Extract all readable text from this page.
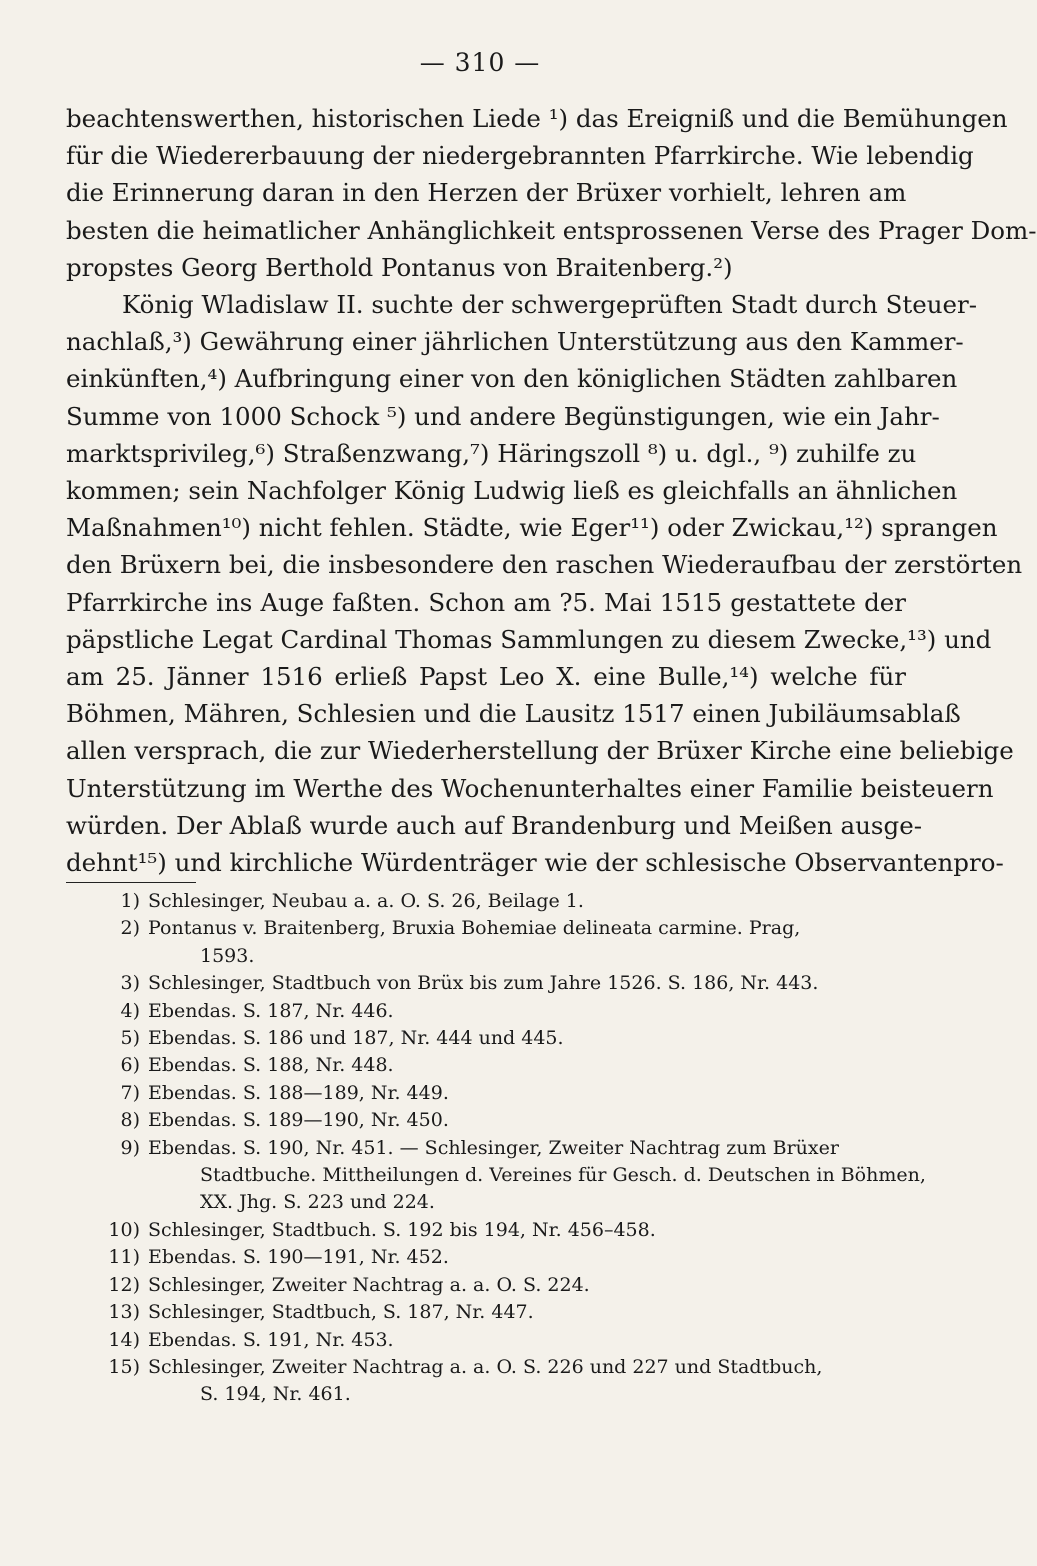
— 310 —
beachtenswerthen, historischen Liede ¹) das Ereigniß und die Bemühungen
für die Wiedererbauung der niedergebrannten Pfarrkirche. Wie lebendig
die Erinnerung daran in den Herzen der Brüxer vorhielt, lehren am
besten die heimatlicher Anhänglichkeit entsprossenen Verse des Prager Dom-
propstes Georg Berthold Pontanus von Braitenberg.²)
König Wladislaw II. suchte der schwergeprüften Stadt durch Steuer-
nachlaß,³) Gewährung einer jährlichen Unterstützung aus den Kammer-
einkünften,⁴) Aufbringung einer von den königlichen Städten zahlbaren
Summe von 1000 Schock ⁵) und andere Begünstigungen, wie ein Jahr-
marktsprivileg,⁶) Straßenzwang,⁷) Häringszoll ⁸) u. dgl., ⁹) zuhilfe zu
kommen; sein Nachfolger König Ludwig ließ es gleichfalls an ähnlichen
Maßnahmen¹⁰) nicht fehlen. Städte, wie Eger¹¹) oder Zwickau,¹²) sprangen
den Brüxern bei, die insbesondere den raschen Wiederaufbau der zerstörten
Pfarrkirche ins Auge faßten. Schon am ?5. Mai 1515 gestattete der
päpstliche Legat Cardinal Thomas Sammlungen zu diesem Zwecke,¹³) und
am 25. Jänner 1516 erließ Papst Leo X. eine Bulle,¹⁴) welche für
Böhmen, Mähren, Schlesien und die Lausitz 1517 einen Jubiläumsablaß
allen versprach, die zur Wiederherstellung der Brüxer Kirche eine beliebige
Unterstützung im Werthe des Wochenunterhaltes einer Familie beisteuern
würden. Der Ablaß wurde auch auf Brandenburg und Meißen ausge-
dehnt¹⁵) und kirchliche Würdenträger wie der schlesische Observantenpro-
1) Schlesinger, Neubau a. a. O. S. 26, Beilage 1.
2) Pontanus v. Braitenberg, Bruxia Bohemiae delineata carmine. Prag,
1593.
3) Schlesinger, Stadtbuch von Brüx bis zum Jahre 1526. S. 186, Nr. 443.
4) Ebendas. S. 187, Nr. 446.
5) Ebendas. S. 186 und 187, Nr. 444 und 445.
6) Ebendas. S. 188, Nr. 448.
7) Ebendas. S. 188—189, Nr. 449.
8) Ebendas. S. 189—190, Nr. 450.
9) Ebendas. S. 190, Nr. 451. — Schlesinger, Zweiter Nachtrag zum Brüxer
Stadtbuche. Mittheilungen d. Vereines für Gesch. d. Deutschen in Böhmen,
XX. Jhg. S. 223 und 224.
10) Schlesinger, Stadtbuch. S. 192 bis 194, Nr. 456–458.
11) Ebendas. S. 190—191, Nr. 452.
12) Schlesinger, Zweiter Nachtrag a. a. O. S. 224.
13) Schlesinger, Stadtbuch, S. 187, Nr. 447.
14) Ebendas. S. 191, Nr. 453.
15) Schlesinger, Zweiter Nachtrag a. a. O. S. 226 und 227 und Stadtbuch,
S. 194, Nr. 461.
